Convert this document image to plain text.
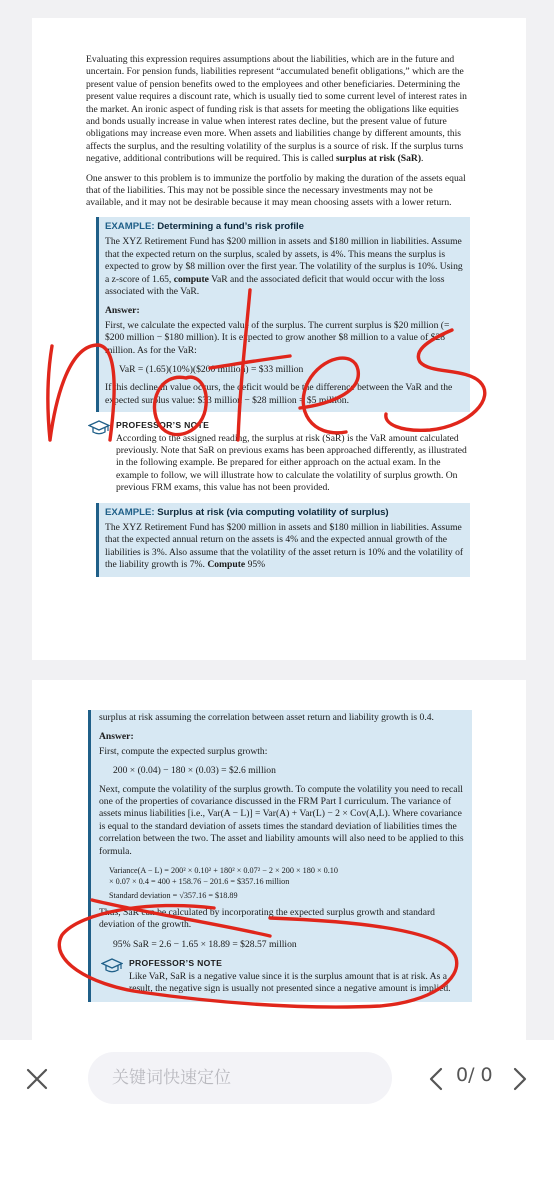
Evaluating this expression requires assumptions about the liabilities, which are in the future and uncertain. For pension funds, liabilities represent “accumulated benefit obligations,” which are the present value of pension benefits owed to the employees and other beneficiaries. Determining the present value requires a discount rate, which is usually tied to some current level of interest rates in the market. An ironic aspect of funding risk is that assets for meeting the obligations like equities and bonds usually increase in value when interest rates decline, but the present value of future obligations may increase even more. When assets and liabilities change by different amounts, this affects the surplus, and the resulting volatility of the surplus is a source of risk. If the surplus turns negative, additional contributions will be required. This is called surplus at risk (SaR).

One answer to this problem is to immunize the portfolio by making the duration of the assets equal that of the liabilities. This may not be possible since the necessary investments may not be available, and it may not be desirable because it may mean choosing assets with a lower return.

EXAMPLE: Determining a fund’s risk profile

The XYZ Retirement Fund has $200 million in assets and $180 million in liabilities. Assume that the expected return on the surplus, scaled by assets, is 4%. This means the surplus is expected to grow by $8 million over the first year. The volatility of the surplus is 10%. Using a z-score of 1.65, compute VaR and the associated deficit that would occur with the loss associated with the VaR.

Answer:

First, we calculate the expected value of the surplus. The current surplus is $20 million (= $200 million − $180 million). It is expected to grow another $8 million to a value of $28 million. As for the VaR:

VaR = (1.65)(10%)($200 million) = $33 million

If this decline in value occurs, the deficit would be the difference between the VaR and the expected surplus value: $33 million − $28 million = $5 million.

PROFESSOR’S NOTE
According to the assigned reading, the surplus at risk (SaR) is the VaR amount calculated previously. Note that SaR on previous exams has been approached differently, as illustrated in the following example. Be prepared for either approach on the actual exam. In the example to follow, we will illustrate how to calculate the volatility of surplus growth. On previous FRM exams, this value has not been provided.
EXAMPLE: Surplus at risk (via computing volatility of surplus)

The XYZ Retirement Fund has $200 million in assets and $180 million in liabilities. Assume that the expected annual return on the assets is 4% and the expected annual growth of the liabilities is 3%. Also assume that the volatility of the asset return is 10% and the volatility of the liability growth is 7%. Compute 95%

surplus at risk assuming the correlation between asset return and liability growth is 0.4.

Answer:

First, compute the expected surplus growth:

200 × (0.04) − 180 × (0.03) = $2.6 million

Next, compute the volatility of the surplus growth. To compute the volatility you need to recall one of the properties of covariance discussed in the FRM Part I curriculum. The variance of assets minus liabilities [i.e., Var(A − L)] = Var(A) + Var(L) − 2 × Cov(A,L). Where covariance is equal to the standard deviation of assets times the standard deviation of liabilities times the correlation between the two. The asset and liability amounts will also need to be applied to this formula.

Variance(A − L) = 200² × 0.10² + 180² × 0.07² − 2 × 200 × 180 × 0.10
× 0.07 × 0.4 = 400 + 158.76 − 201.6 = $357.16 million
Standard deviation = √357.16 = $18.89

Thus, SaR can be calculated by incorporating the expected surplus growth and standard deviation of the growth.

95% SaR = 2.6 − 1.65 × 18.89 = $28.57 million
PROFESSOR’S NOTE
Like VaR, SaR is a negative value since it is the surplus amount that is at risk. As a result, the negative sign is usually not presented since a negative amount is implied.
关键词快速定位
0/ 0
